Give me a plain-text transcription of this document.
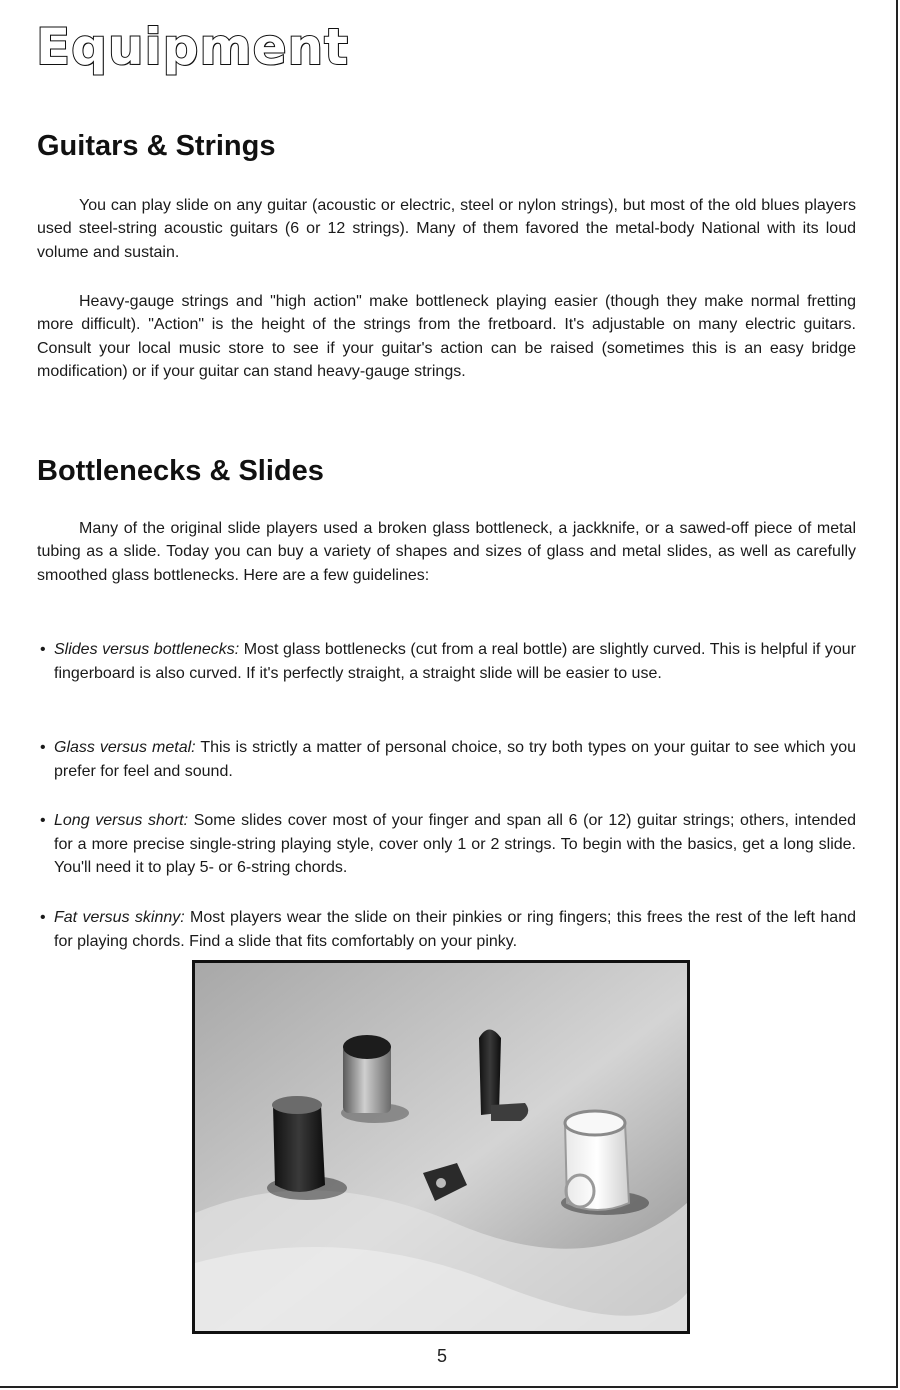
Equipment
Guitars & Strings

You can play slide on any guitar (acoustic or electric, steel or nylon strings), but most of the old blues players used steel-string acoustic guitars (6 or 12 strings). Many of them favored the metal-body National with its loud volume and sustain.

Heavy-gauge strings and "high action" make bottleneck playing easier (though they make normal fretting more difficult). "Action" is the height of the strings from the fretboard. It's adjustable on many electric guitars. Consult your local music store to see if your guitar's action can be raised (sometimes this is an easy bridge modification) or if your guitar can stand heavy-gauge strings.

Bottlenecks & Slides

Many of the original slide players used a broken glass bottleneck, a jackknife, or a sawed-off piece of metal tubing as a slide. Today you can buy a variety of shapes and sizes of glass and metal slides, as well as carefully smoothed glass bottlenecks. Here are a few guidelines:

• Slides versus bottlenecks: Most glass bottlenecks (cut from a real bottle) are slightly curved. This is helpful if your fingerboard is also curved. If it's perfectly straight, a straight slide will be easier to use.
• Glass versus metal: This is strictly a matter of personal choice, so try both types on your guitar to see which you prefer for feel and sound.
• Long versus short: Some slides cover most of your finger and span all 6 (or 12) guitar strings; others, intended for a more precise single-string playing style, cover only 1 or 2 strings. To begin with the basics, get a long slide. You'll need it to play 5- or 6-string chords.
• Fat versus skinny: Most players wear the slide on their pinkies or ring fingers; this frees the rest of the left hand for playing chords. Find a slide that fits comfortably on your pinky.
5
